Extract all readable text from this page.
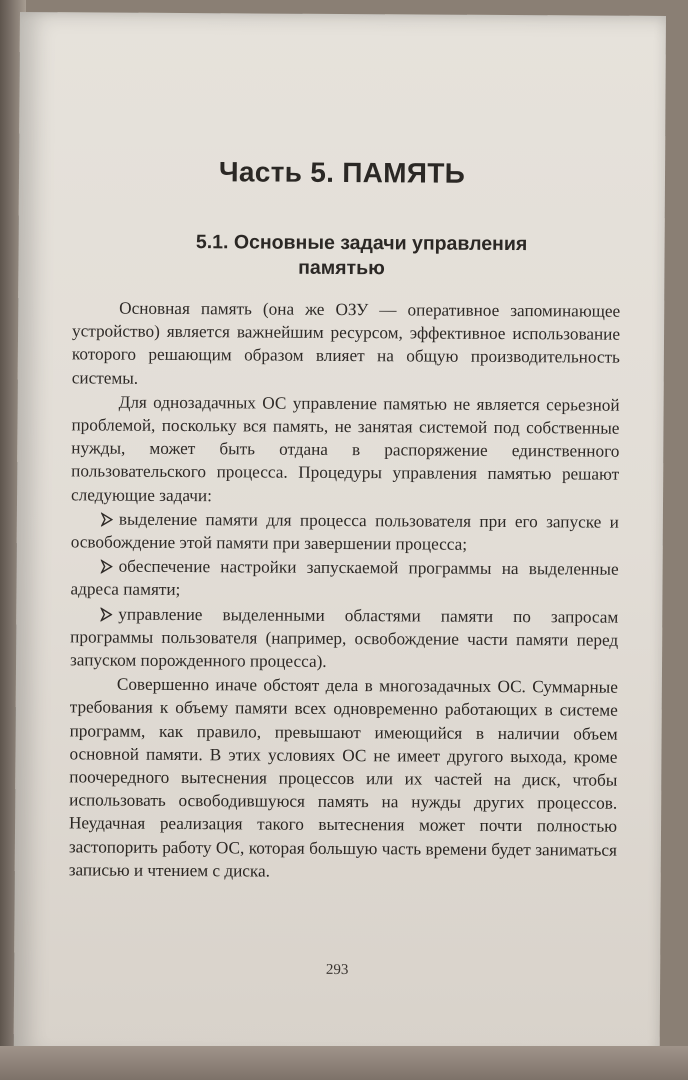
Часть 5. ПАМЯТЬ
5.1. Основные задачи управления
памятью

Основная память (она же ОЗУ — оперативное запоминающее устройство) является важнейшим ресурсом, эффективное использование которого решающим образом влияет на общую производительность системы.

Для однозадачных ОС управление памятью не является серьезной проблемой, поскольку вся память, не занятая системой под собственные нужды, может быть отдана в распоряжение единственного пользовательского процесса. Процедуры управления памятью решают следующие задачи:

выделение памяти для процесса пользователя при его запуске и освобождение этой памяти при завершении процесса;

обеспечение настройки запускаемой программы на выделенные адреса памяти;

управление выделенными областями памяти по запросам программы пользователя (например, освобождение части памяти перед запуском порожденного процесса).

Совершенно иначе обстоят дела в многозадачных ОС. Суммарные требования к объему памяти всех одновременно работающих в системе программ, как правило, превышают имеющийся в наличии объем основной памяти. В этих условиях ОС не имеет другого выхода, кроме поочередного вытеснения процессов или их частей на диск, чтобы использовать освободившуюся память на нужды других процессов. Неудачная реализация такого вытеснения может почти полностью застопорить работу ОС, которая большую часть времени будет заниматься записью и чтением с диска.

293
